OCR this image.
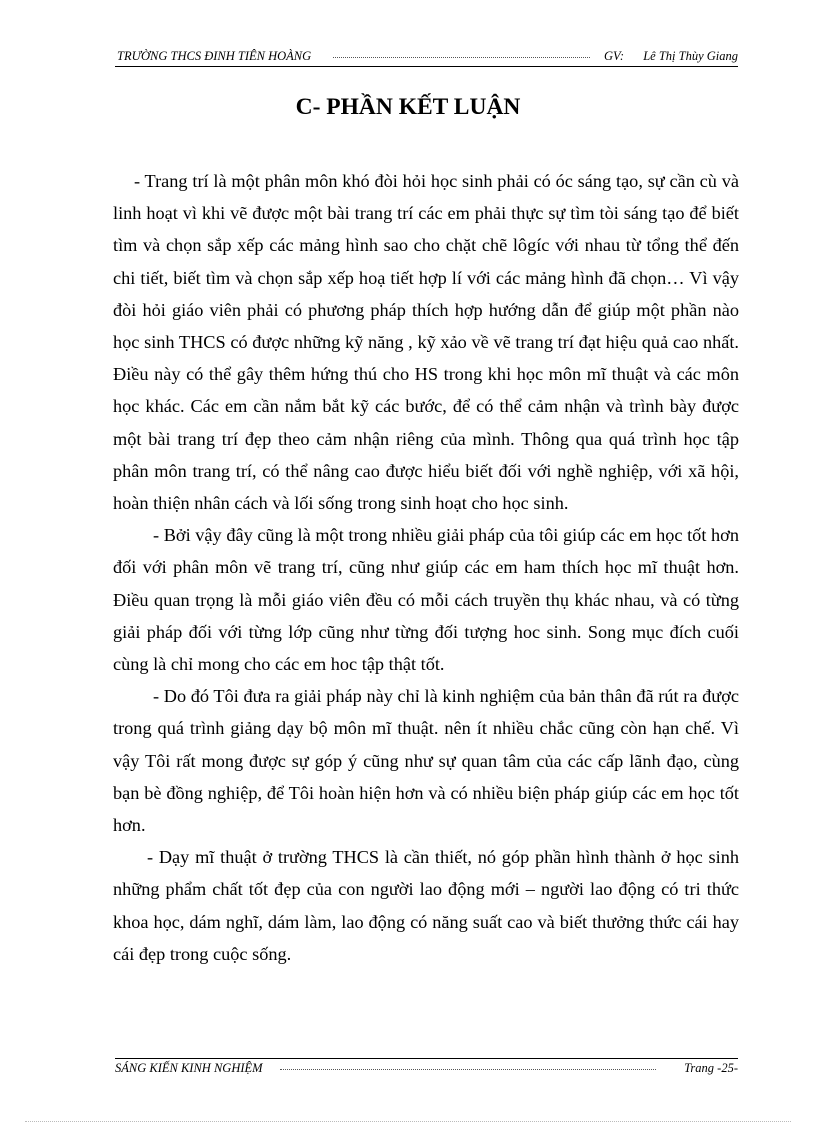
TRƯỜNG THCS ĐINH TIÊN HOÀNG	GV: Lê Thị Thùy Giang
C- PHẦN KẾT LUẬN

- Trang trí là một phân môn khó đòi hỏi học sinh phải có óc sáng tạo, sự cần cù và linh hoạt vì khi vẽ được một bài trang trí các em phải thực sự tìm tòi sáng tạo để biết tìm và chọn sắp xếp các mảng hình sao cho chặt chẽ lôgíc với nhau từ tổng thể đến chi tiết, biết tìm và chọn sắp xếp hoạ tiết hợp lí với các mảng hình đã chọn… Vì vậy đòi hỏi giáo viên phải có phương pháp thích hợp hướng dẫn để giúp một phần nào học sinh THCS có được những kỹ năng , kỹ xảo về vẽ trang trí đạt hiệu quả cao nhất. Điều này có thể gây thêm hứng thú cho HS trong khi học môn mĩ thuật và các môn học khác. Các em cần nắm bắt kỹ các bước, để có thể cảm nhận và trình bày được một bài trang trí đẹp theo cảm nhận riêng của mình. Thông qua quá trình học tập phân môn trang trí, có thể nâng cao được hiểu biết đối với nghề nghiệp, với xã hội, hoàn thiện nhân cách và lối sống trong sinh hoạt cho học sinh.

- Bởi vậy đây cũng là một trong nhiều giải pháp của tôi giúp các em học tốt hơn đối với phân môn vẽ trang trí, cũng như giúp các em ham thích học mĩ thuật hơn. Điều quan trọng là mỗi giáo viên đều có mỗi cách truyền thụ khác nhau, và có từng giải pháp đối với từng lớp cũng như từng đối tượng hoc sinh. Song mục đích cuối cùng là chỉ mong cho các em hoc tập thật tốt.

- Do đó Tôi đưa ra giải pháp này chỉ là kinh nghiệm của bản thân đã rút ra được trong quá trình giảng dạy bộ môn mĩ thuật. nên ít nhiều chắc cũng còn hạn chế. Vì vậy Tôi rất mong được sự góp ý cũng như sự quan tâm của các cấp lãnh đạo, cùng bạn bè đồng nghiệp, để Tôi hoàn hiện hơn và có nhiều biện pháp giúp các em học tốt hơn.

- Dạy mĩ thuật ở trường THCS là cần thiết, nó góp phần hình thành ở học sinh những phẩm chất tốt đẹp của con người lao động mới – người lao động có tri thức khoa học, dám nghĩ, dám làm, lao động có năng suất cao và biết thưởng thức cái hay cái đẹp trong cuộc sống.

SÁNG KIẾN KINH NGHIỆM	Trang -25-
